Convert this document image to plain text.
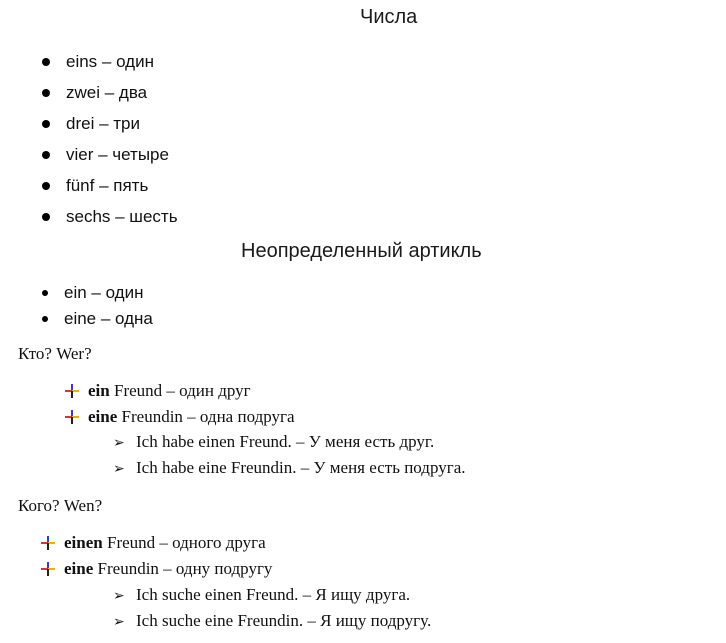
Числа
eins – один
zwei – два
drei – три
vier – четыре
fünf – пять
sechs – шесть
Неопределенный артикль
ein – один
eine – одна
Кто? Wer?
ein Freund – один друг
eine Freundin – одна подруга
➢ Ich habe einen Freund. – У меня есть друг.
➢ Ich habe eine Freundin. – У меня есть подруга.
Кого? Wen?
einen Freund – одного друга
eine Freundin – одну подругу
➢ Ich suche einen Freund. – Я ищу друга.
➢ Ich suche eine Freundin. – Я ищу подругу.
